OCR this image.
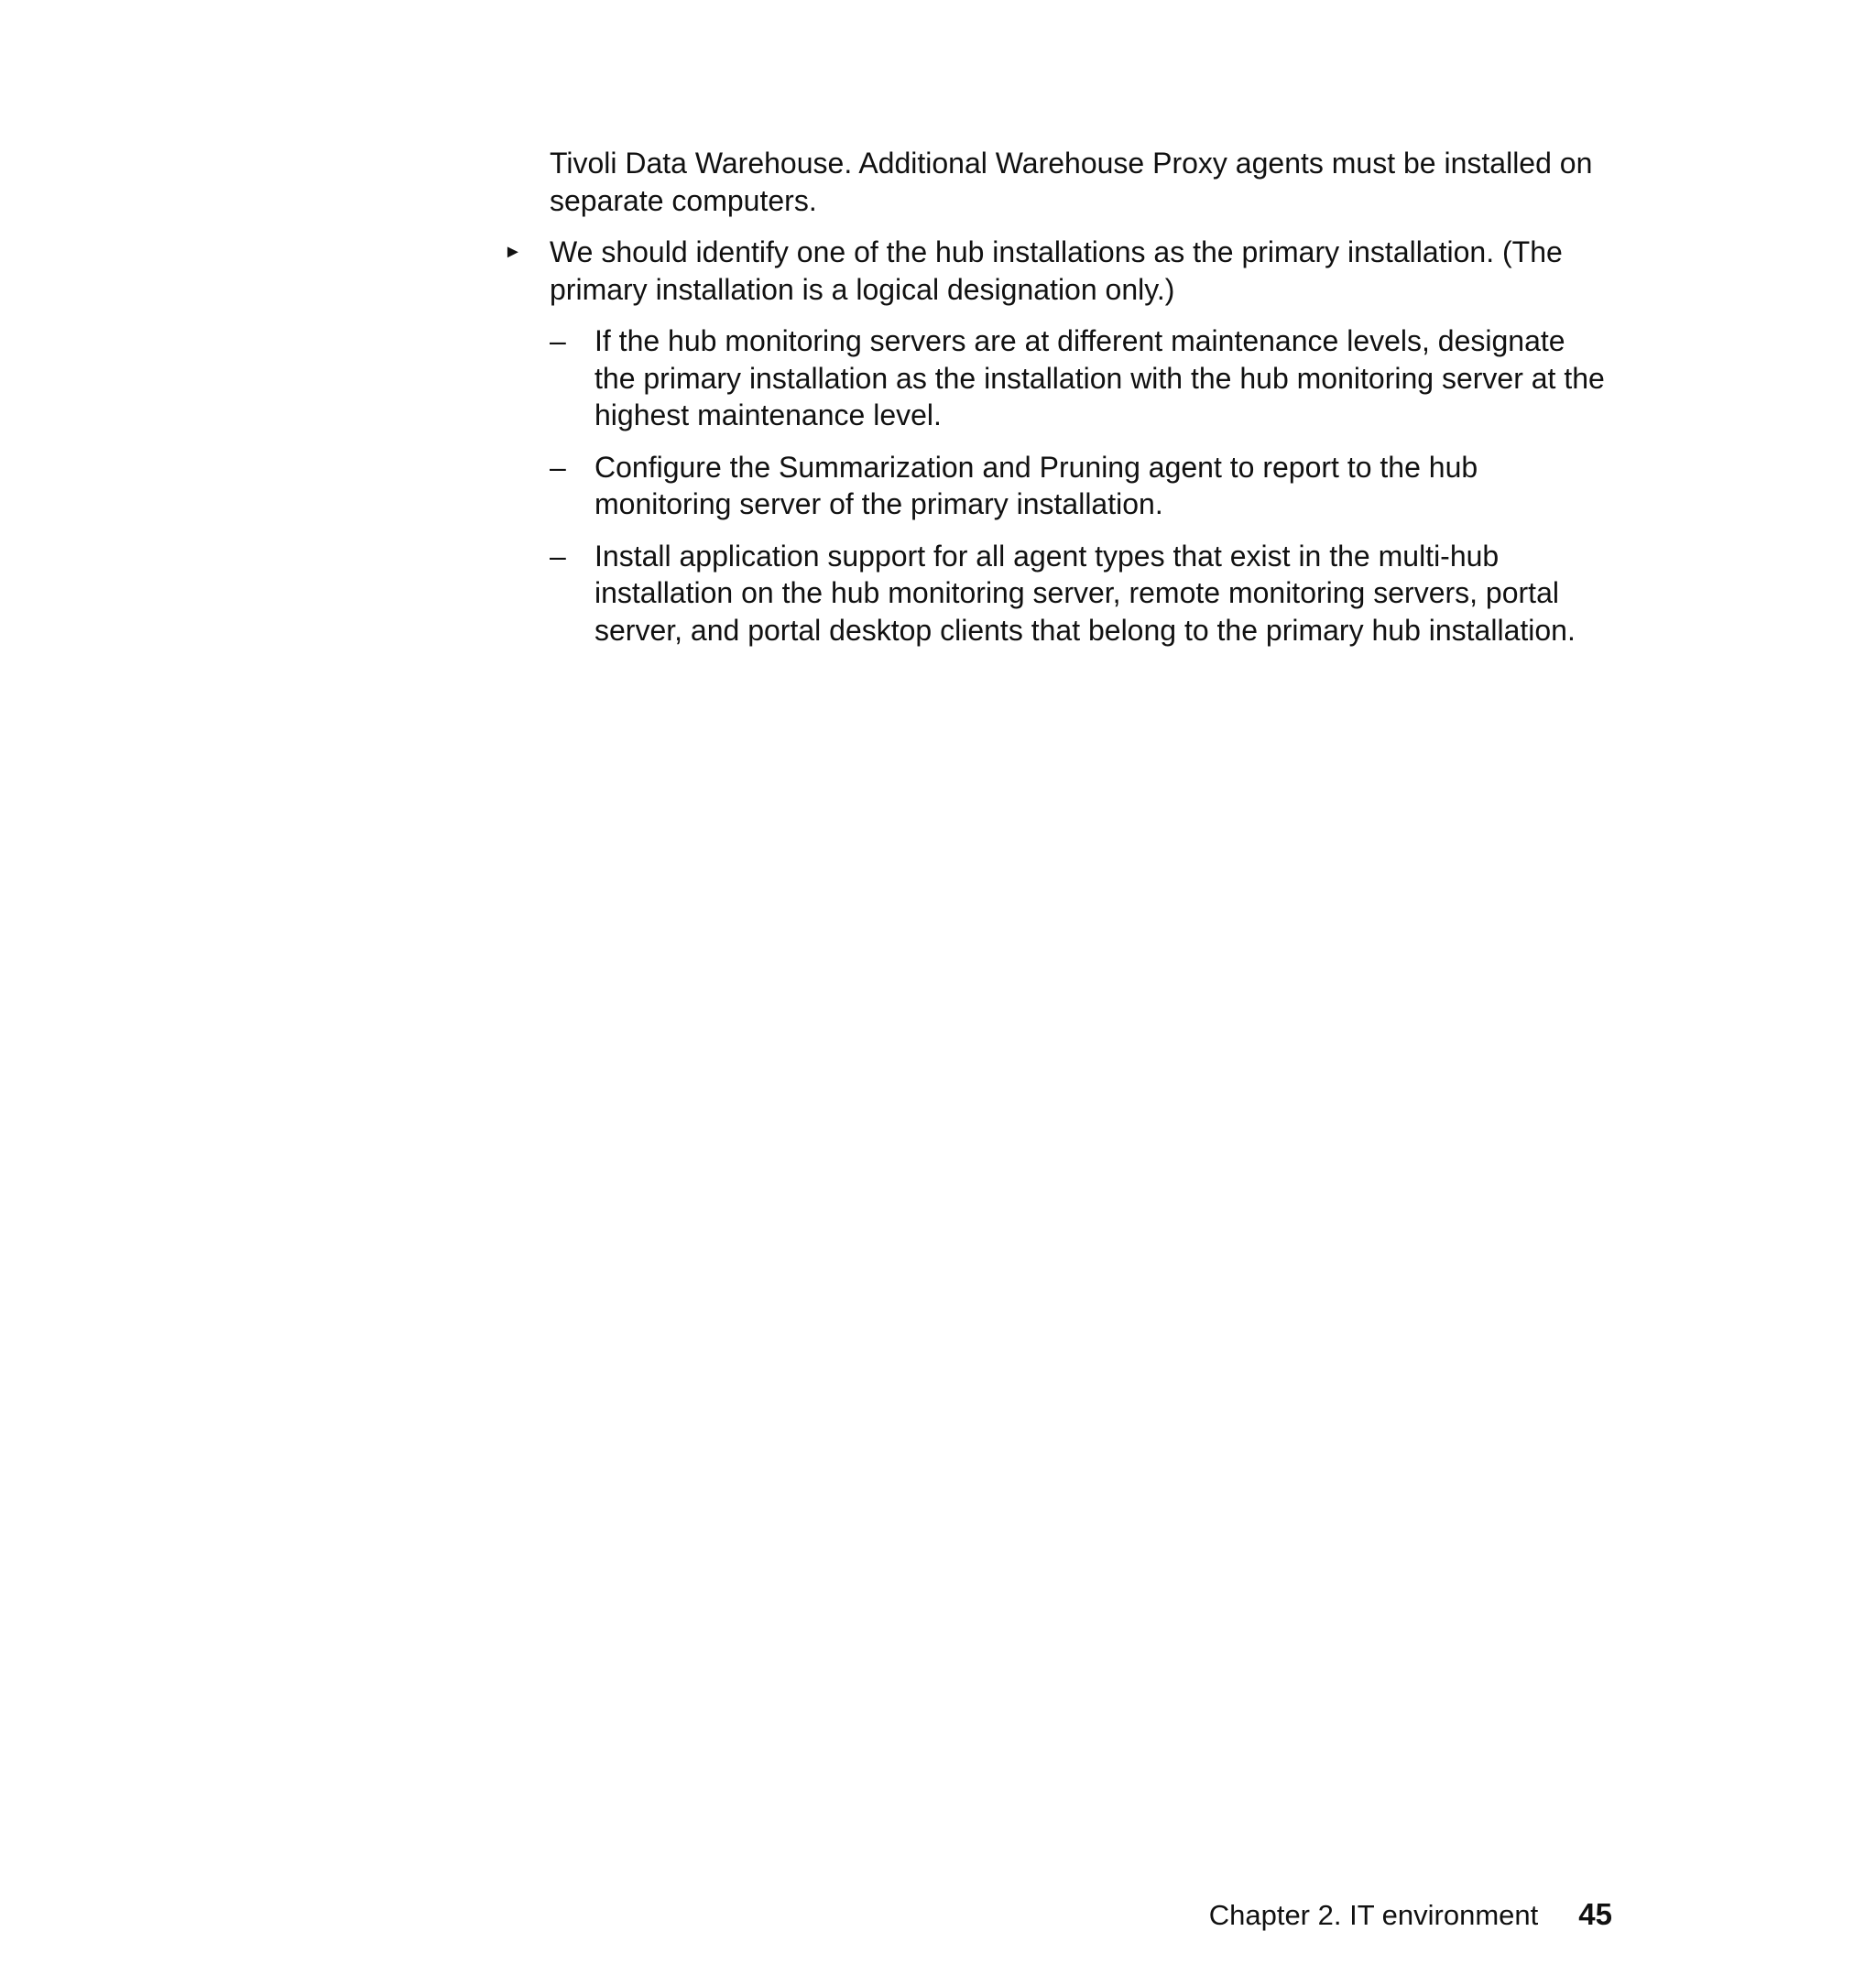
Tivoli Data Warehouse. Additional Warehouse Proxy agents must be installed on separate computers.

► We should identify one of the hub installations as the primary installation. (The primary installation is a logical designation only.)
– If the hub monitoring servers are at different maintenance levels, designate the primary installation as the installation with the hub monitoring server at the highest maintenance level.
– Configure the Summarization and Pruning agent to report to the hub monitoring server of the primary installation.
– Install application support for all agent types that exist in the multi-hub installation on the hub monitoring server, remote monitoring servers, portal server, and portal desktop clients that belong to the primary hub installation.
Chapter 2. IT environment 45
